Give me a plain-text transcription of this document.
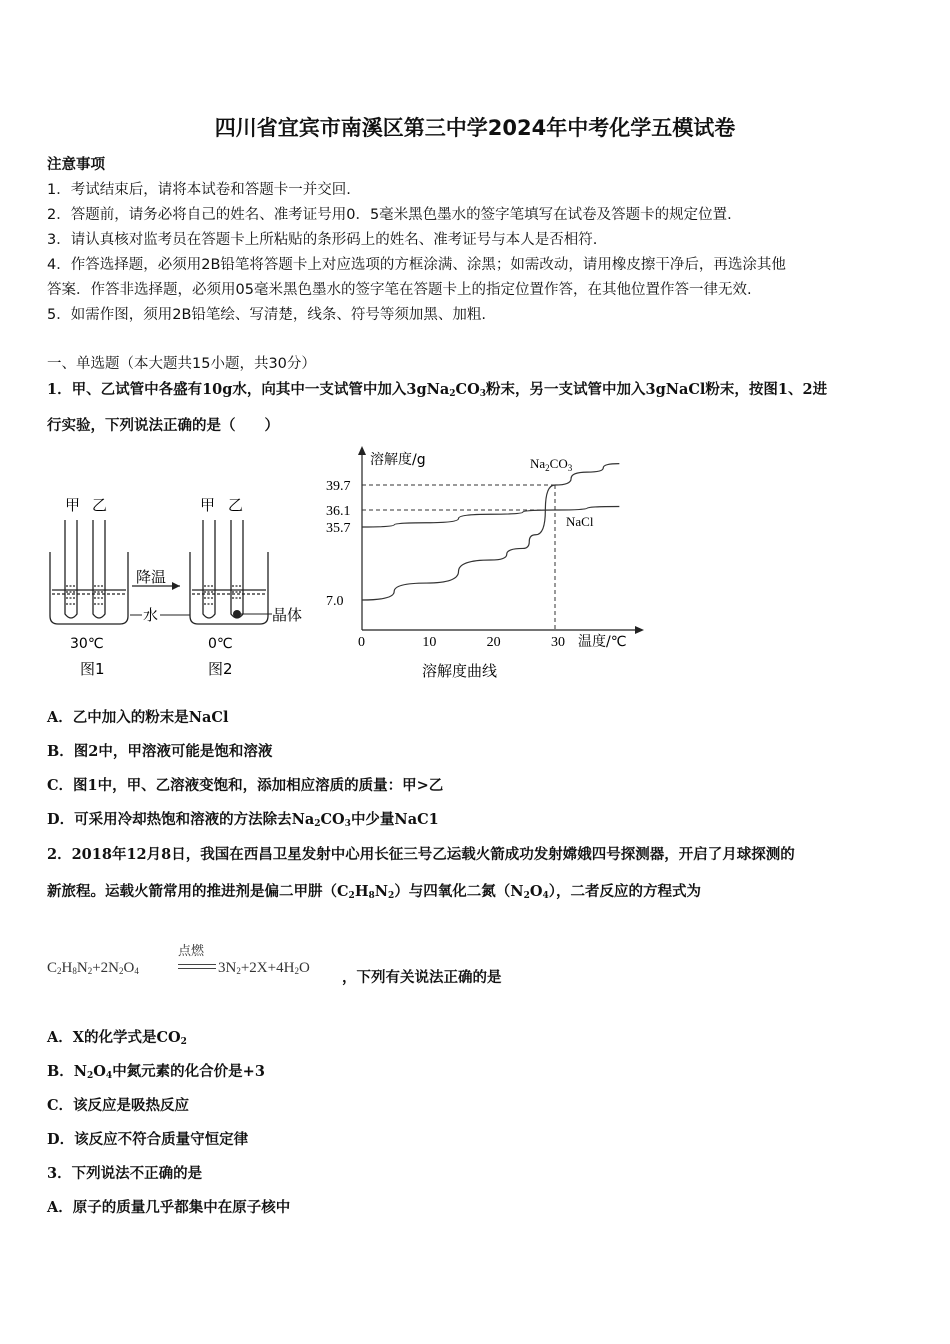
四川省宜宾市南溪区第三中学2024年中考化学五模试卷
注意事项
1．考试结束后，请将本试卷和答题卡一并交回.
2．答题前，请务必将自己的姓名、准考证号用0．5毫米黑色墨水的签字笔填写在试卷及答题卡的规定位置.
3．请认真核对监考员在答题卡上所粘贴的条形码上的姓名、准考证号与本人是否相符.
4．作答选择题，必须用2B铅笔将答题卡上对应选项的方框涂满、涂黑；如需改动，请用橡皮擦干净后，再选涂其他
答案．作答非选择题，必须用05毫米黑色墨水的签字笔在答题卡上的指定位置作答，在其他位置作答一律无效.
5．如需作图，须用2B铅笔绘、写清楚，线条、符号等须加黑、加粗.
一、单选题（本大题共15小题，共30分）
1．甲、乙试管中各盛有10g水，向其中一支试管中加入$3gNa_2CO_3$粉末，另一支试管中加入3gNaCl粉末，按图1、2进
行实验，下列说法正确的是（　　）
甲 乙
降温
水
甲 乙
晶体
30℃	0℃
图1	图2
溶解度/g
温度/℃
溶解度曲线
0	10	20	30
7.0
35.7
36.1
39.7
$Na_2CO_3$
NaCl
A．乙中加入的粉末是NaCl
B．图2中，甲溶液可能是饱和溶液
C．图1中，甲、乙溶液变饱和，添加相应溶质的质量：甲>乙
D．可采用冷却热饱和溶液的方法除去$Na_2CO_3$中少量NaC1
2．2018年12月8日，我国在西昌卫星发射中心用长征三号乙运载火箭成功发射嫦娥四号探测器，开启了月球探测的
新旅程。运载火箭常用的推进剂是偏二甲肼$(C_2H_8N_2)$与四氧化二氮$(N_2O_4)$，二者反应的方程式为
$C_2H_8N_2+2N_2O_4$
点燃
$3N_2+2X+4H_2O$
，下列有关说法正确的是
A．X的化学式是$CO_2$
B．$N_2O_4$中氮元素的化合价是+3
C．该反应是吸热反应
D．该反应不符合质量守恒定律
3．下列说法不正确的是
A．原子的质量几乎都集中在原子核中
